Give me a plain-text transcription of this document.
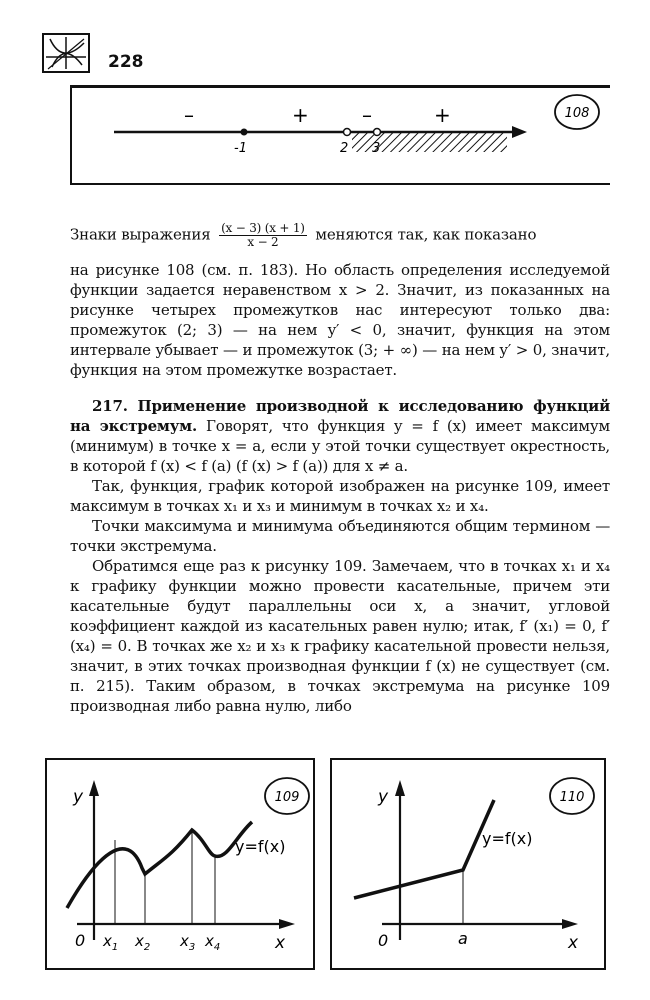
228
–	+	–	+
-1	2 3
108
Знаки выражения $\frac{(x - 3) (x + 1)}{x - 2}$ меняются так, как показано

на рисунке 108 (см. п. 183). Но область определения исследуемой функции задается неравенством x > 2. Значит, из показанных на рисунке четырех промежутков нас интересуют только два: промежуток (2; 3) — на нем y′ < 0, значит, функция на этом интервале убывает — и промежуток (3; + ∞) — на нем y′ > 0, значит, функция на этом промежутке возрастает.

217. Применение производной к исследованию функций на экстремум. Говорят, что функция y = f (x) имеет максимум (минимум) в точке x = a, если у этой точки существует окрестность, в которой f (x) < f (a) (f (x) > f (a)) для x ≠ a.

Так, функция, график которой изображен на рисунке 109, имеет максимум в точках x₁ и x₃ и минимум в точках x₂ и x₄.

Точки максимума и минимума объединяются общим термином — точки экстремума.

Обратимся еще раз к рисунку 109. Замечаем, что в точках x₁ и x₄ к графику функции можно провести касательные, причем эти касательные будут параллельны оси x, а значит, угловой коэффициент каждой из касательных равен нулю; итак, f′ (x₁) = 0, f′ (x₄) = 0. В точках же x₂ и x₃ к графику касательной провести нельзя, значит, в этих точках производная функции f (x) не существует (см. п. 215). Таким образом, в точках экстремума на рисунке 109 производная либо равна нулю, либо

y
x
0
y=f(x)
$x_1$ $x_2$ $x_3$ $x_4$
109	y
x
0	a
y=f(x)
110
